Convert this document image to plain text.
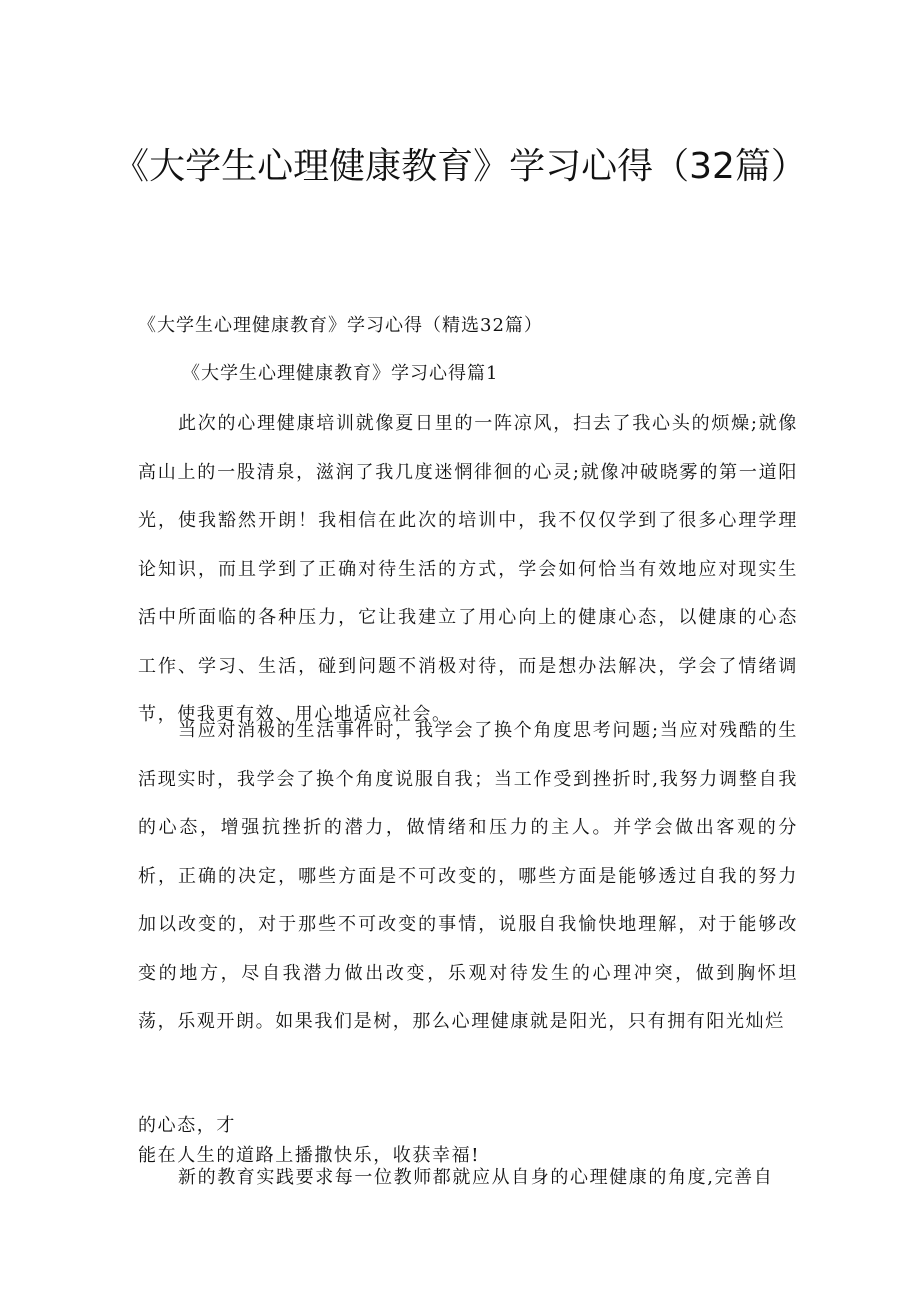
《大学生心理健康教育》学习心得（32篇）
《大学生心理健康教育》学习心得（精选32篇）
《大学生心理健康教育》学习心得篇1

此次的心理健康培训就像夏日里的一阵凉风，扫去了我心头的烦燥;就像高山上的一股清泉，滋润了我几度迷惘徘徊的心灵;就像冲破晓雾的第一道阳光，使我豁然开朗！我相信在此次的培训中，我不仅仅学到了很多心理学理论知识，而且学到了正确对待生活的方式，学会如何恰当有效地应对现实生活中所面临的各种压力，它让我建立了用心向上的健康心态，以健康的心态工作、学习、生活，碰到问题不消极对待，而是想办法解决，学会了情绪调节，使我更有效、用心地适应社会。

当应对消极的生活事件时，我学会了换个角度思考问题;当应对残酷的生活现实时，我学会了换个角度说服自我；当工作受到挫折时,我努力调整自我的心态，增强抗挫折的潜力，做情绪和压力的主人。并学会做出客观的分析，正确的决定，哪些方面是不可改变的，哪些方面是能够透过自我的努力加以改变的，对于那些不可改变的事情，说服自我愉快地理解，对于能够改变的地方，尽自我潜力做出改变，乐观对待发生的心理冲突，做到胸怀坦荡，乐观开朗。如果我们是树，那么心理健康就是阳光，只有拥有阳光灿烂

的心态，才
能在人生的道路上播撒快乐，收获幸福!

新的教育实践要求每一位教师都就应从自身的心理健康的角度,完善自
